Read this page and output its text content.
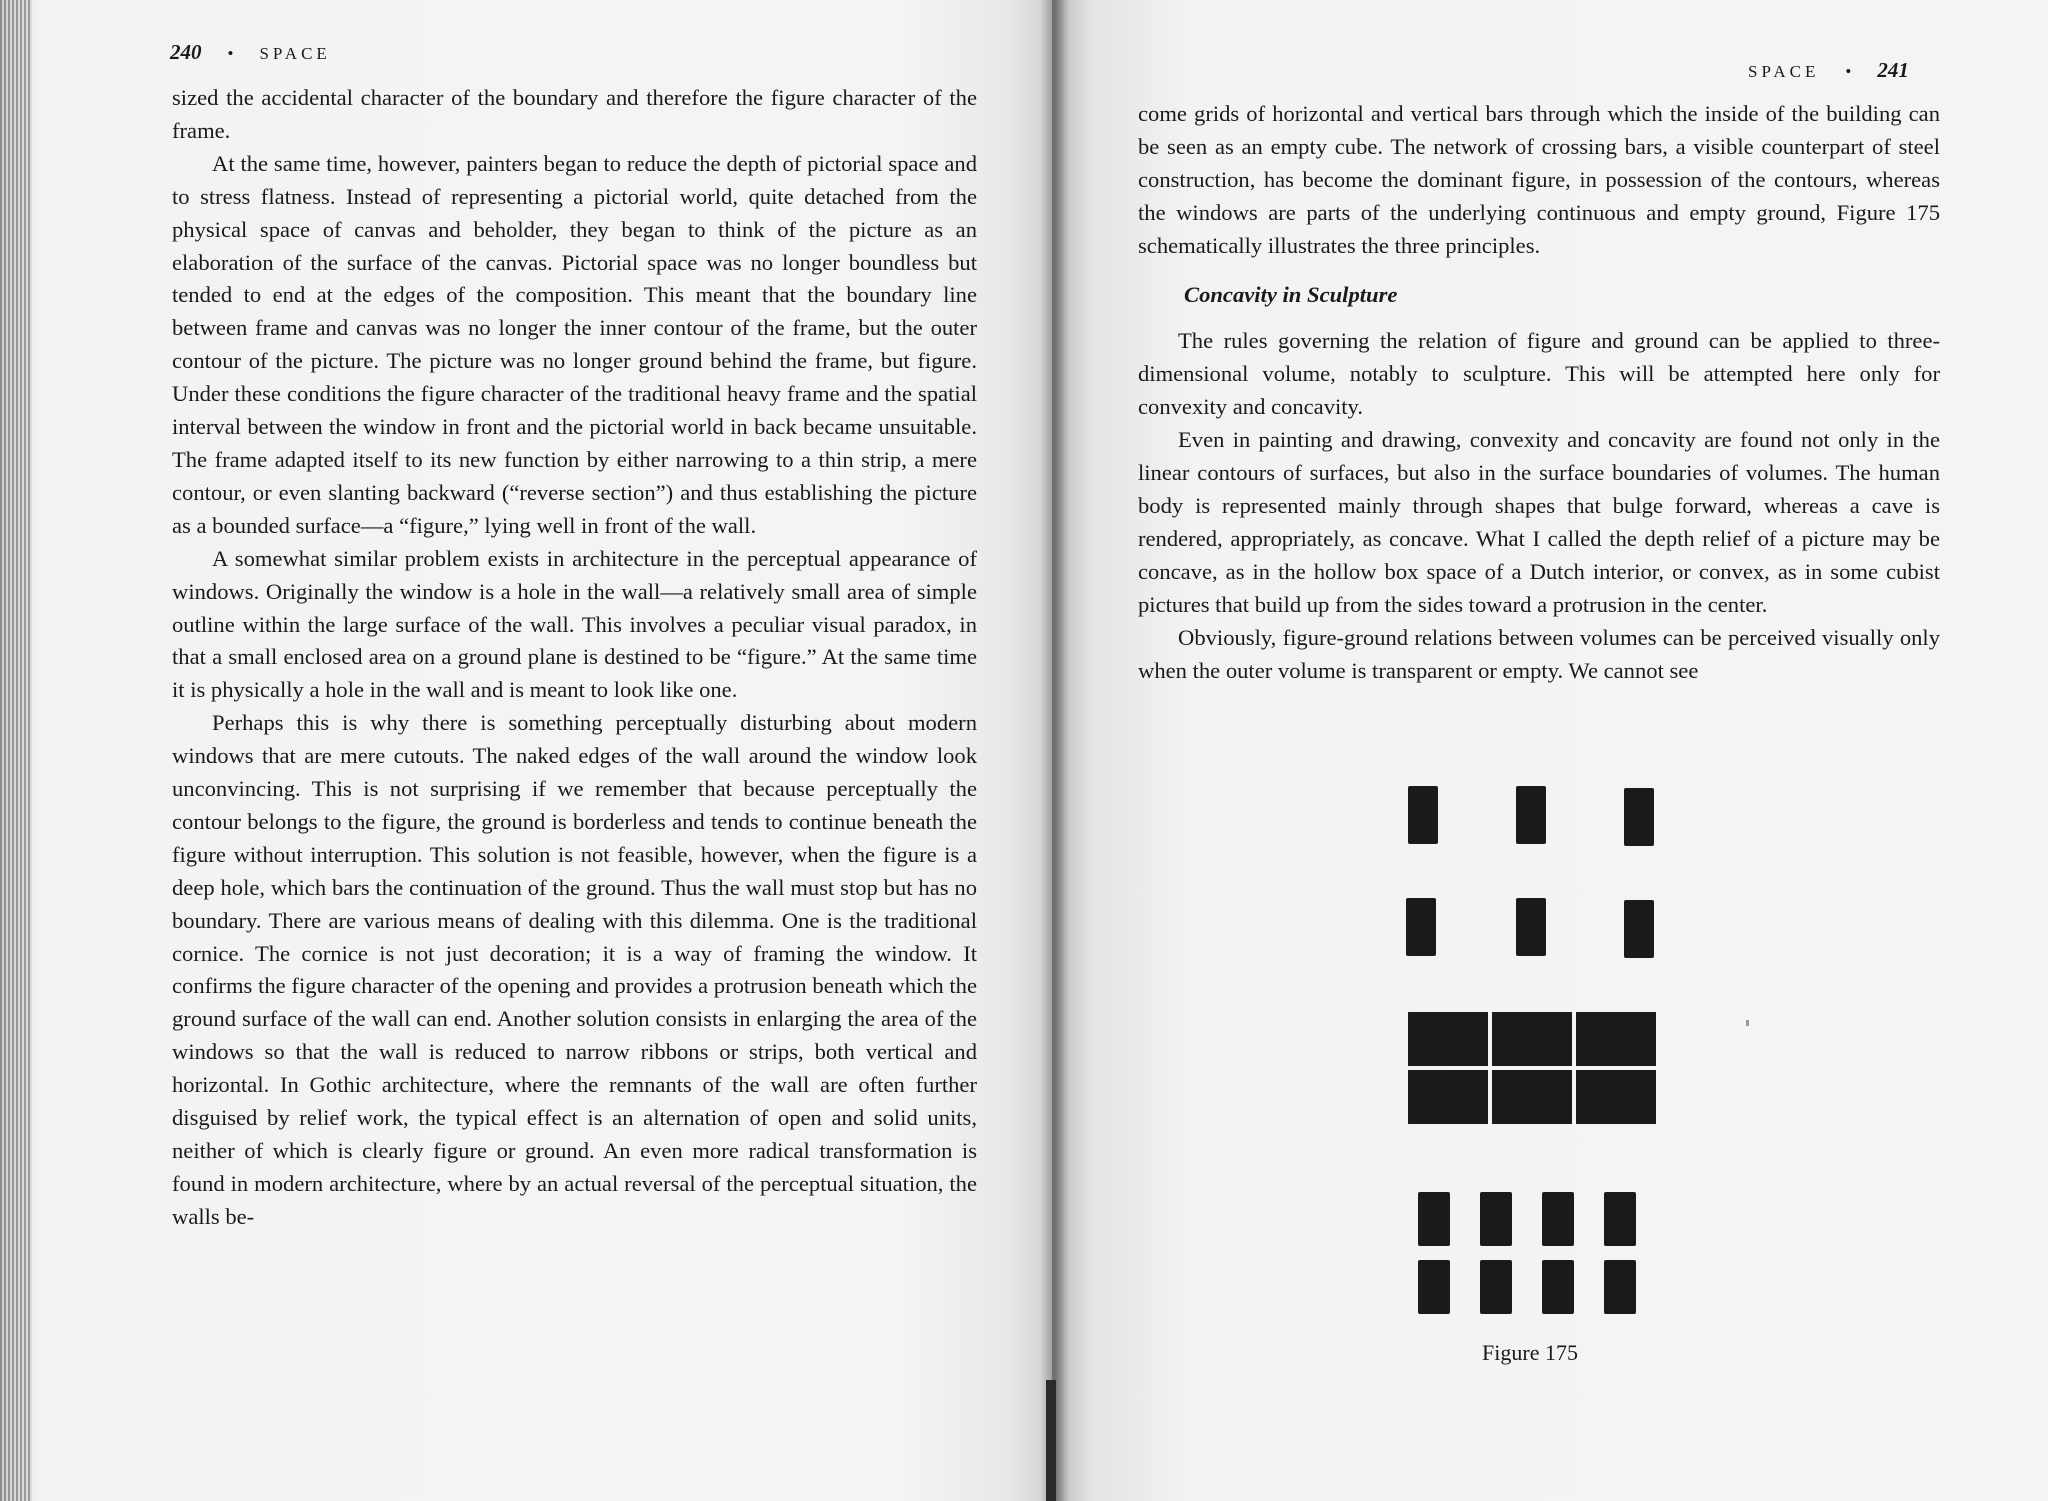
240 • SPACE

sized the accidental character of the boundary and therefore the figure character of the frame.

At the same time, however, painters began to reduce the depth of pictorial space and to stress flatness. Instead of representing a pictorial world, quite detached from the physical space of canvas and beholder, they began to think of the picture as an elaboration of the surface of the canvas. Pictorial space was no longer boundless but tended to end at the edges of the composition. This meant that the boundary line between frame and canvas was no longer the inner contour of the frame, but the outer contour of the picture. The picture was no longer ground behind the frame, but figure. Under these conditions the figure character of the traditional heavy frame and the spatial interval between the window in front and the pictorial world in back became unsuitable. The frame adapted itself to its new function by either narrowing to a thin strip, a mere contour, or even slanting backward (“reverse section”) and thus establishing the picture as a bounded surface—a “figure,” lying well in front of the wall.

A somewhat similar problem exists in architecture in the perceptual appearance of windows. Originally the window is a hole in the wall—a relatively small area of simple outline within the large surface of the wall. This involves a peculiar visual paradox, in that a small enclosed area on a ground plane is destined to be “figure.” At the same time it is physically a hole in the wall and is meant to look like one.

Perhaps this is why there is something perceptually disturbing about modern windows that are mere cutouts. The naked edges of the wall around the window look unconvincing. This is not surprising if we remember that because perceptually the contour belongs to the figure, the ground is borderless and tends to continue beneath the figure without interruption. This solution is not feasible, however, when the figure is a deep hole, which bars the continuation of the ground. Thus the wall must stop but has no boundary. There are various means of dealing with this dilemma. One is the traditional cornice. The cornice is not just decoration; it is a way of framing the window. It confirms the figure character of the opening and provides a protrusion beneath which the ground surface of the wall can end. Another solution consists in enlarging the area of the windows so that the wall is reduced to narrow ribbons or strips, both vertical and horizontal. In Gothic architecture, where the remnants of the wall are often further disguised by relief work, the typical effect is an alternation of open and solid units, neither of which is clearly figure or ground. An even more radical transformation is found in modern architecture, where by an actual reversal of the perceptual situation, the walls be-

SPACE • 241

come grids of horizontal and vertical bars through which the inside of the building can be seen as an empty cube. The network of crossing bars, a visible counterpart of steel construction, has become the dominant figure, in possession of the contours, whereas the windows are parts of the underlying continuous and empty ground, Figure 175 schematically illustrates the three principles.

Concavity in Sculpture

The rules governing the relation of figure and ground can be applied to three-dimensional volume, notably to sculpture. This will be attempted here only for convexity and concavity.

Even in painting and drawing, convexity and concavity are found not only in the linear contours of surfaces, but also in the surface boundaries of volumes. The human body is represented mainly through shapes that bulge forward, whereas a cave is rendered, appropriately, as concave. What I called the depth relief of a picture may be concave, as in the hollow box space of a Dutch interior, or convex, as in some cubist pictures that build up from the sides toward a protrusion in the center.

Obviously, figure-ground relations between volumes can be perceived visually only when the outer volume is transparent or empty. We cannot see

Figure 175
